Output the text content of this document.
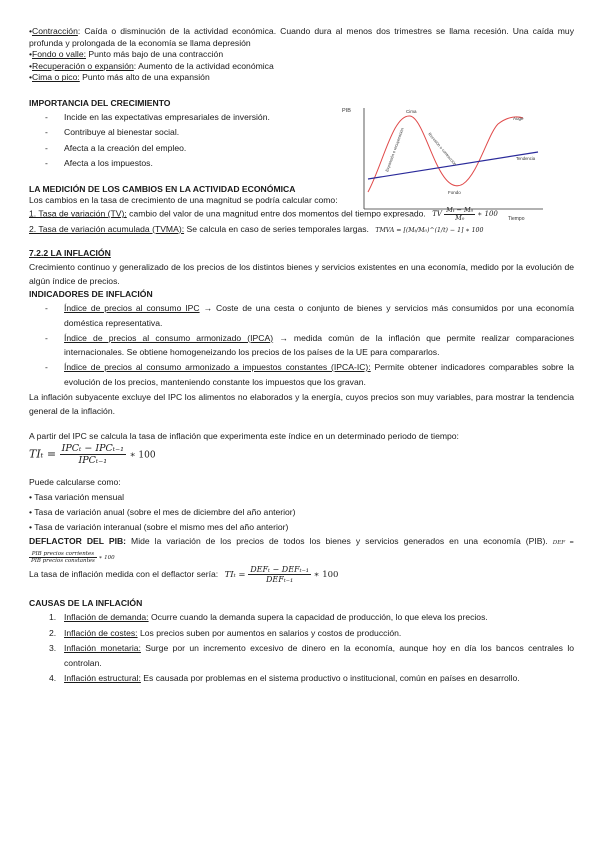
•Contracción: Caída o disminución de la actividad económica. Cuando dura al menos dos trimestres se llama recesión. Una caída muy profunda y prolongada de la economía se llama depresión

•Fondo o valle: Punto más bajo de una contracción

•Recuperación o expansión: Aumento de la actividad económica

•Cima o pico: Punto más alto de una expansión

IMPORTANCIA DEL CRECIMIENTO

- Incide en las expectativas empresariales de inversión.
- Contribuye al bienestar social.
- Afecta a la creación del empleo.
- Afecta a los impuestos.

LA MEDICIÓN DE LOS CAMBIOS EN LA ACTIVIDAD ECONÓMICA

Los cambios en la tasa de crecimiento de una magnitud se podría calcular como:

1. Tasa de variación (TV): cambio del valor de una magnitud entre dos momentos del tiempo expresado. TV $\frac{\text{Mₜ − M₀}}{\text{M₀}}$ ∗ 100

2. Tasa de variación acumulada (TVMA): Se calcula en caso de series temporales largas. TMVA = [(Mₜ/M₀)^(1/t) − 1] ∗ 100

7.2.2 LA INFLACIÓN

Crecimiento continuo y generalizado de los precios de los distintos bienes y servicios existentes en una economía, medido por la evolución de algún índice de precios.

INDICADORES DE INFLACIÓN

- Índice de precios al consumo IPC → Coste de una cesta o conjunto de bienes y servicios más consumidos por una economía doméstica representativa.
- Índice de precios al consumo armonizado (IPCA) → medida común de la inflación que permite realizar comparaciones internacionales. Se obtiene homogeneizando los precios de los países de la UE para compararlos.
- Índice de precios al consumo armonizado a impuestos constantes (IPCA-IC): Permite obtener indicadores comparables sobre la evolución de los precios, manteniendo constante los impuestos que los gravan.

La inflación subyacente excluye del IPC los alimentos no elaborados y la energía, cuyos precios son muy variables, para mostrar la tendencia general de la inflación.

A partir del IPC se calcula la tasa de inflación que experimenta este índice en un determinado periodo de tiempo:

$TI_t = \frac{\text{IPCₜ − IPCₜ₋₁}}{\text{IPCₜ₋₁}}$ ∗ 100

Puede calcularse como:

• Tasa variación mensual

• Tasa de variación anual (sobre el mes de diciembre del año anterior)

• Tasa de variación interanual (sobre el mismo mes del año anterior)

DEFLACTOR DEL PIB: Mide la variación de los precios de todos los bienes y servicios generados en una economía (PIB). DEF =
$\frac{\text{PIB precios corrientes}}{\text{PIB precios constantes}}$ ∗ 100

La tasa de inflación medida con el deflactor sería: $TI_t = \frac{\text{DEFₜ − DEFₜ₋₁}}{\text{DEFₜ₋₁}}$ ∗ 100

CAUSAS DE LA INFLACIÓN

1. Inflación de demanda: Ocurre cuando la demanda supera la capacidad de producción, lo que eleva los precios.
2. Inflación de costes: Los precios suben por aumentos en salarios y costos de producción.
3. Inflación monetaria: Surge por un incremento excesivo de dinero en la economía, aunque hoy en día los bancos centrales lo controlan.
4. Inflación estructural: Es causada por problemas en el sistema productivo o institucional, común en países en desarrollo.
PIB
Tiempo
Cima
Auge
Expansión o recuperación	Recesión o contracción	Tendencia
Fondo
